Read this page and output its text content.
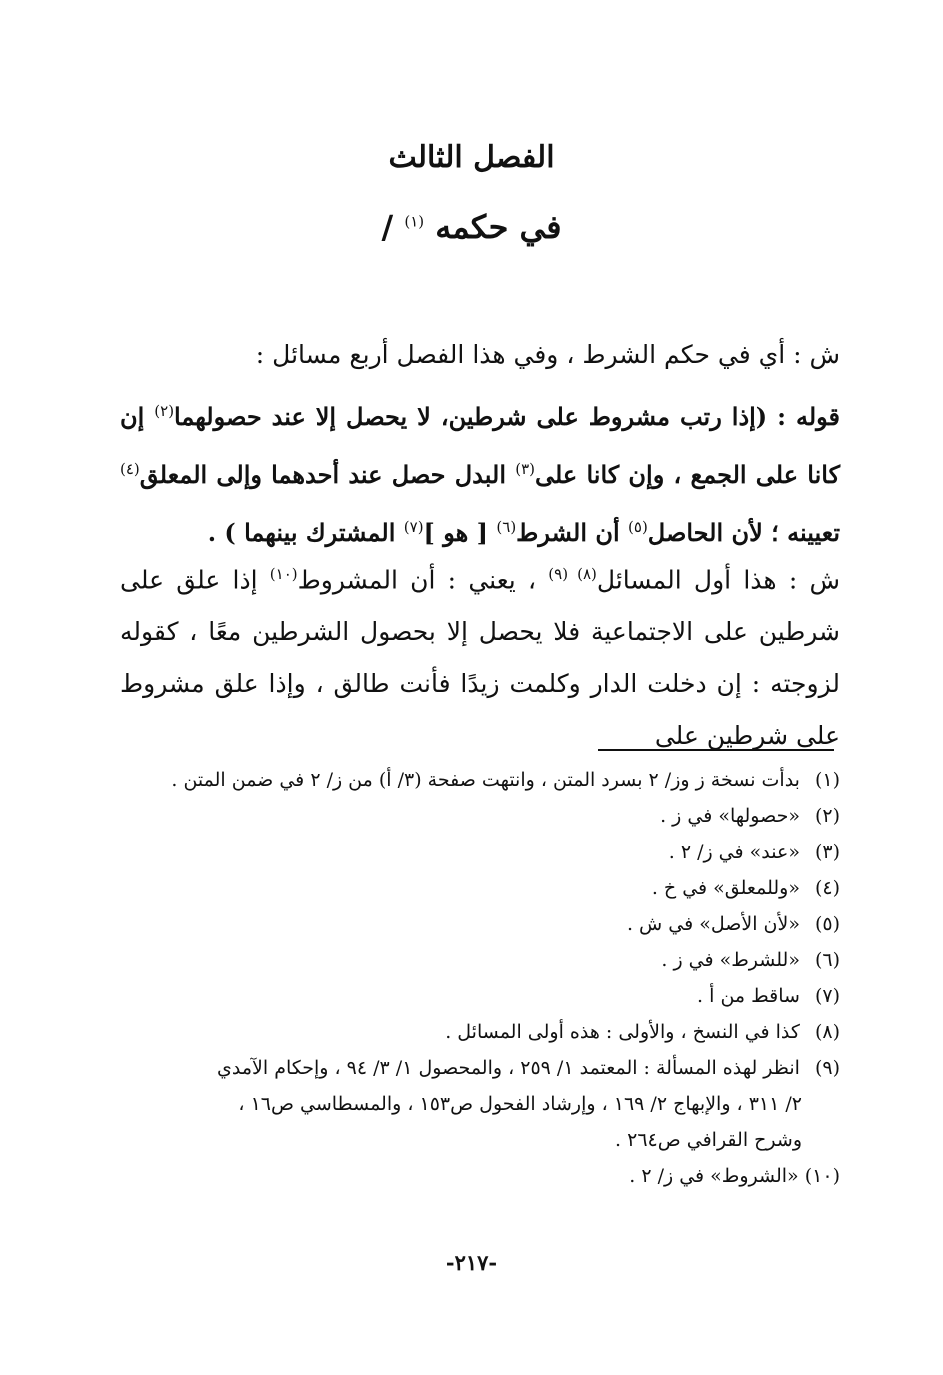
الفصل الثالث
في حكمه $^{(١)}$ /

ش : أي في حكم الشرط ، وفي هذا الفصل أربع مسائل :

قوله : (إذا رتب مشروط على شرطين، لا يحصل إلا عند حصولهما$^{(٢)}$ إن كانا على الجمع ، وإن كانا على$^{(٣)}$ البدل حصل عند أحدهما وإلى المعلق$^{(٤)}$ تعيينه ؛ لأن الحاصل$^{(٥)}$ أن الشرط$^{(٦)}$ [ هو ]$^{(٧)}$ المشترك بينهما ) .

ش : هذا أول المسائل$^{(٨) (٩)}$ ، يعني : أن المشروط$^{(١٠)}$ إذا علق على شرطين على الاجتماعية فلا يحصل إلا بحصول الشرطين معًا ، كقوله لزوجته : إن دخلت الدار وكلمت زيدًا فأنت طالق ، وإذا علق مشروط على شرطين على

(١) بدأت نسخة ز وز/ ٢ بسرد المتن ، وانتهت صفحة (٣/ أ) من ز/ ٢ في ضمن المتن .

(٢) «حصولها» في ز .

(٣) «عند» في ز/ ٢ .

(٤) «وللمعلق» في خ .

(٥) «لأن الأصل» في ش .

(٦) «للشرط» في ز .

(٧) ساقط من أ .

(٨) كذا في النسخ ، والأولى : هذه أولى المسائل .

(٩) انظر لهذه المسألة : المعتمد ١/ ٢٥٩ ، والمحصول ١/ ٣/ ٩٤ ، وإحكام الآمدي

٢/ ٣١١ ، والإبهاج ٢/ ١٦٩ ، وإرشاد الفحول ص١٥٣ ، والمسطاسي ص١٦ ،

وشرح القرافي ص٢٦٤ .

(١٠) «الشروط» في ز/ ٢ .

-٢١٧-
